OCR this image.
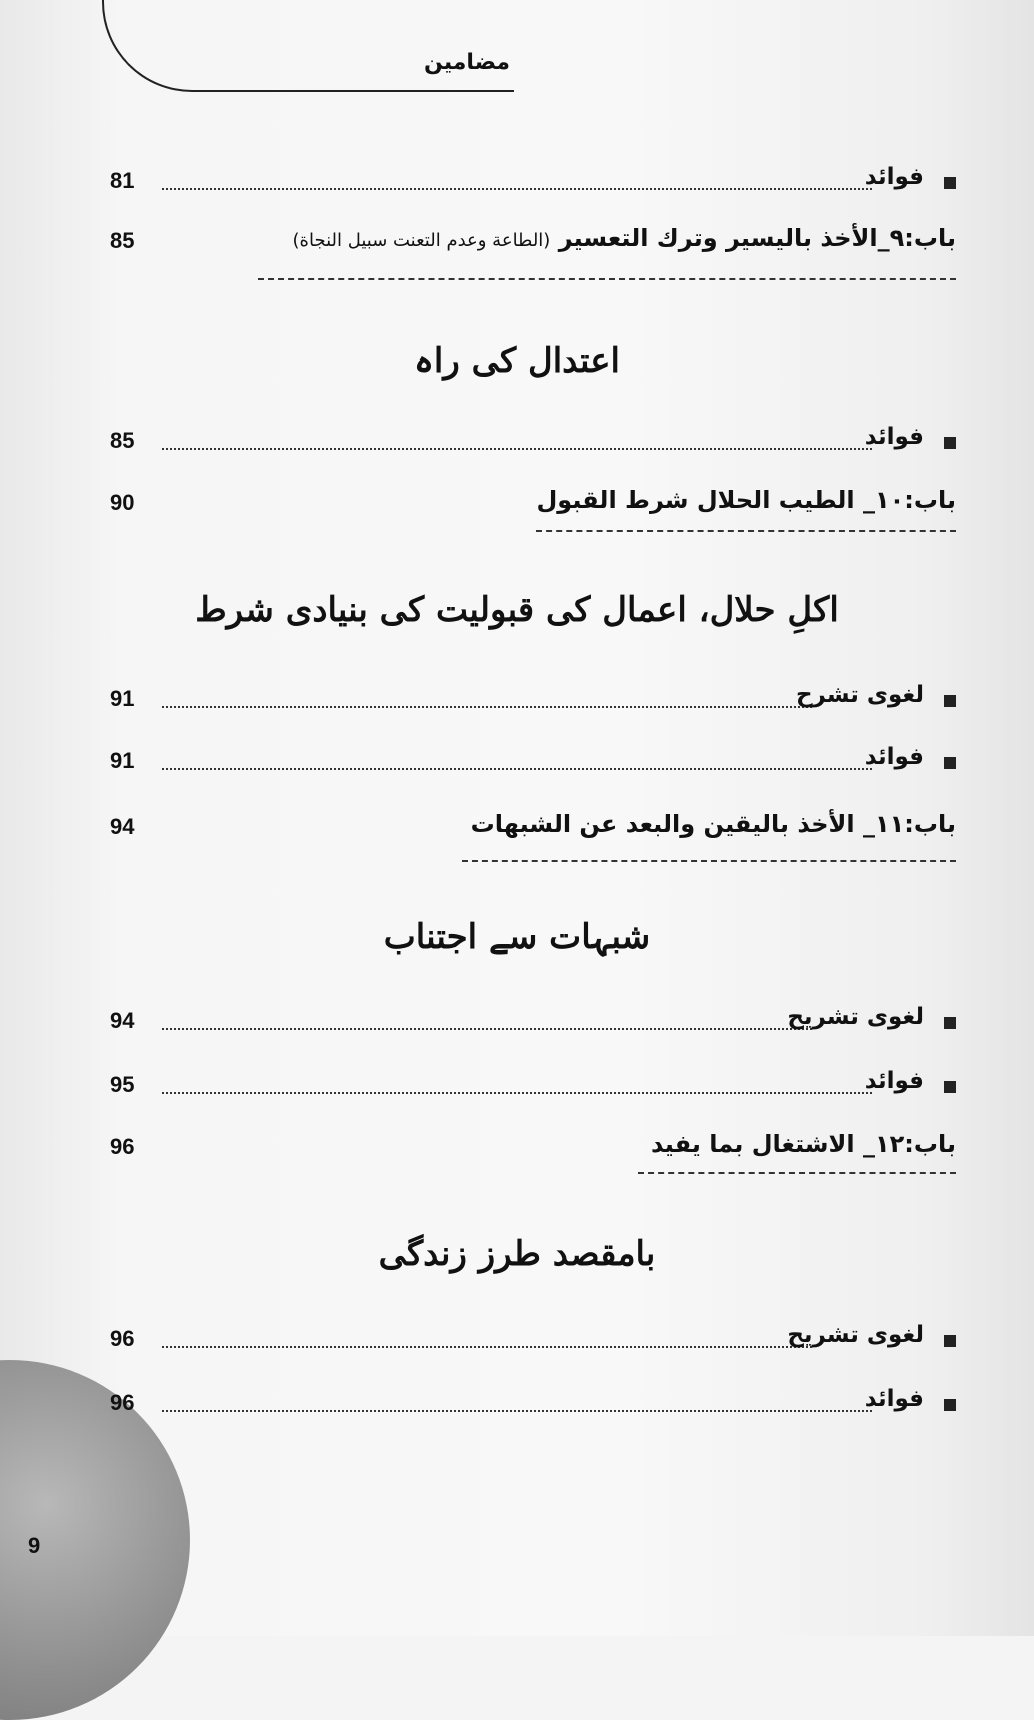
مضامین
81	فوائد
85	باب:۹_الأخذ باليسير وترك التعسير (الطاعة وعدم التعنت سبيل النجاة)
اعتدال کی راہ
85	فوائد
90	باب:۱۰_ الطيب الحلال شرط القبول
اکلِ حلال، اعمال کی قبولیت کی بنیادی شرط
91	لغوی تشرح
91	فوائد
94	باب:۱۱_ الأخذ باليقين والبعد عن الشبهات
شبہات سے اجتناب
94	لغوی تشریح
95	فوائد
96	باب:۱۲_ الاشتغال بما يفيد
بامقصد طرز زندگی
96	لغوی تشریح
96	فوائد
9
